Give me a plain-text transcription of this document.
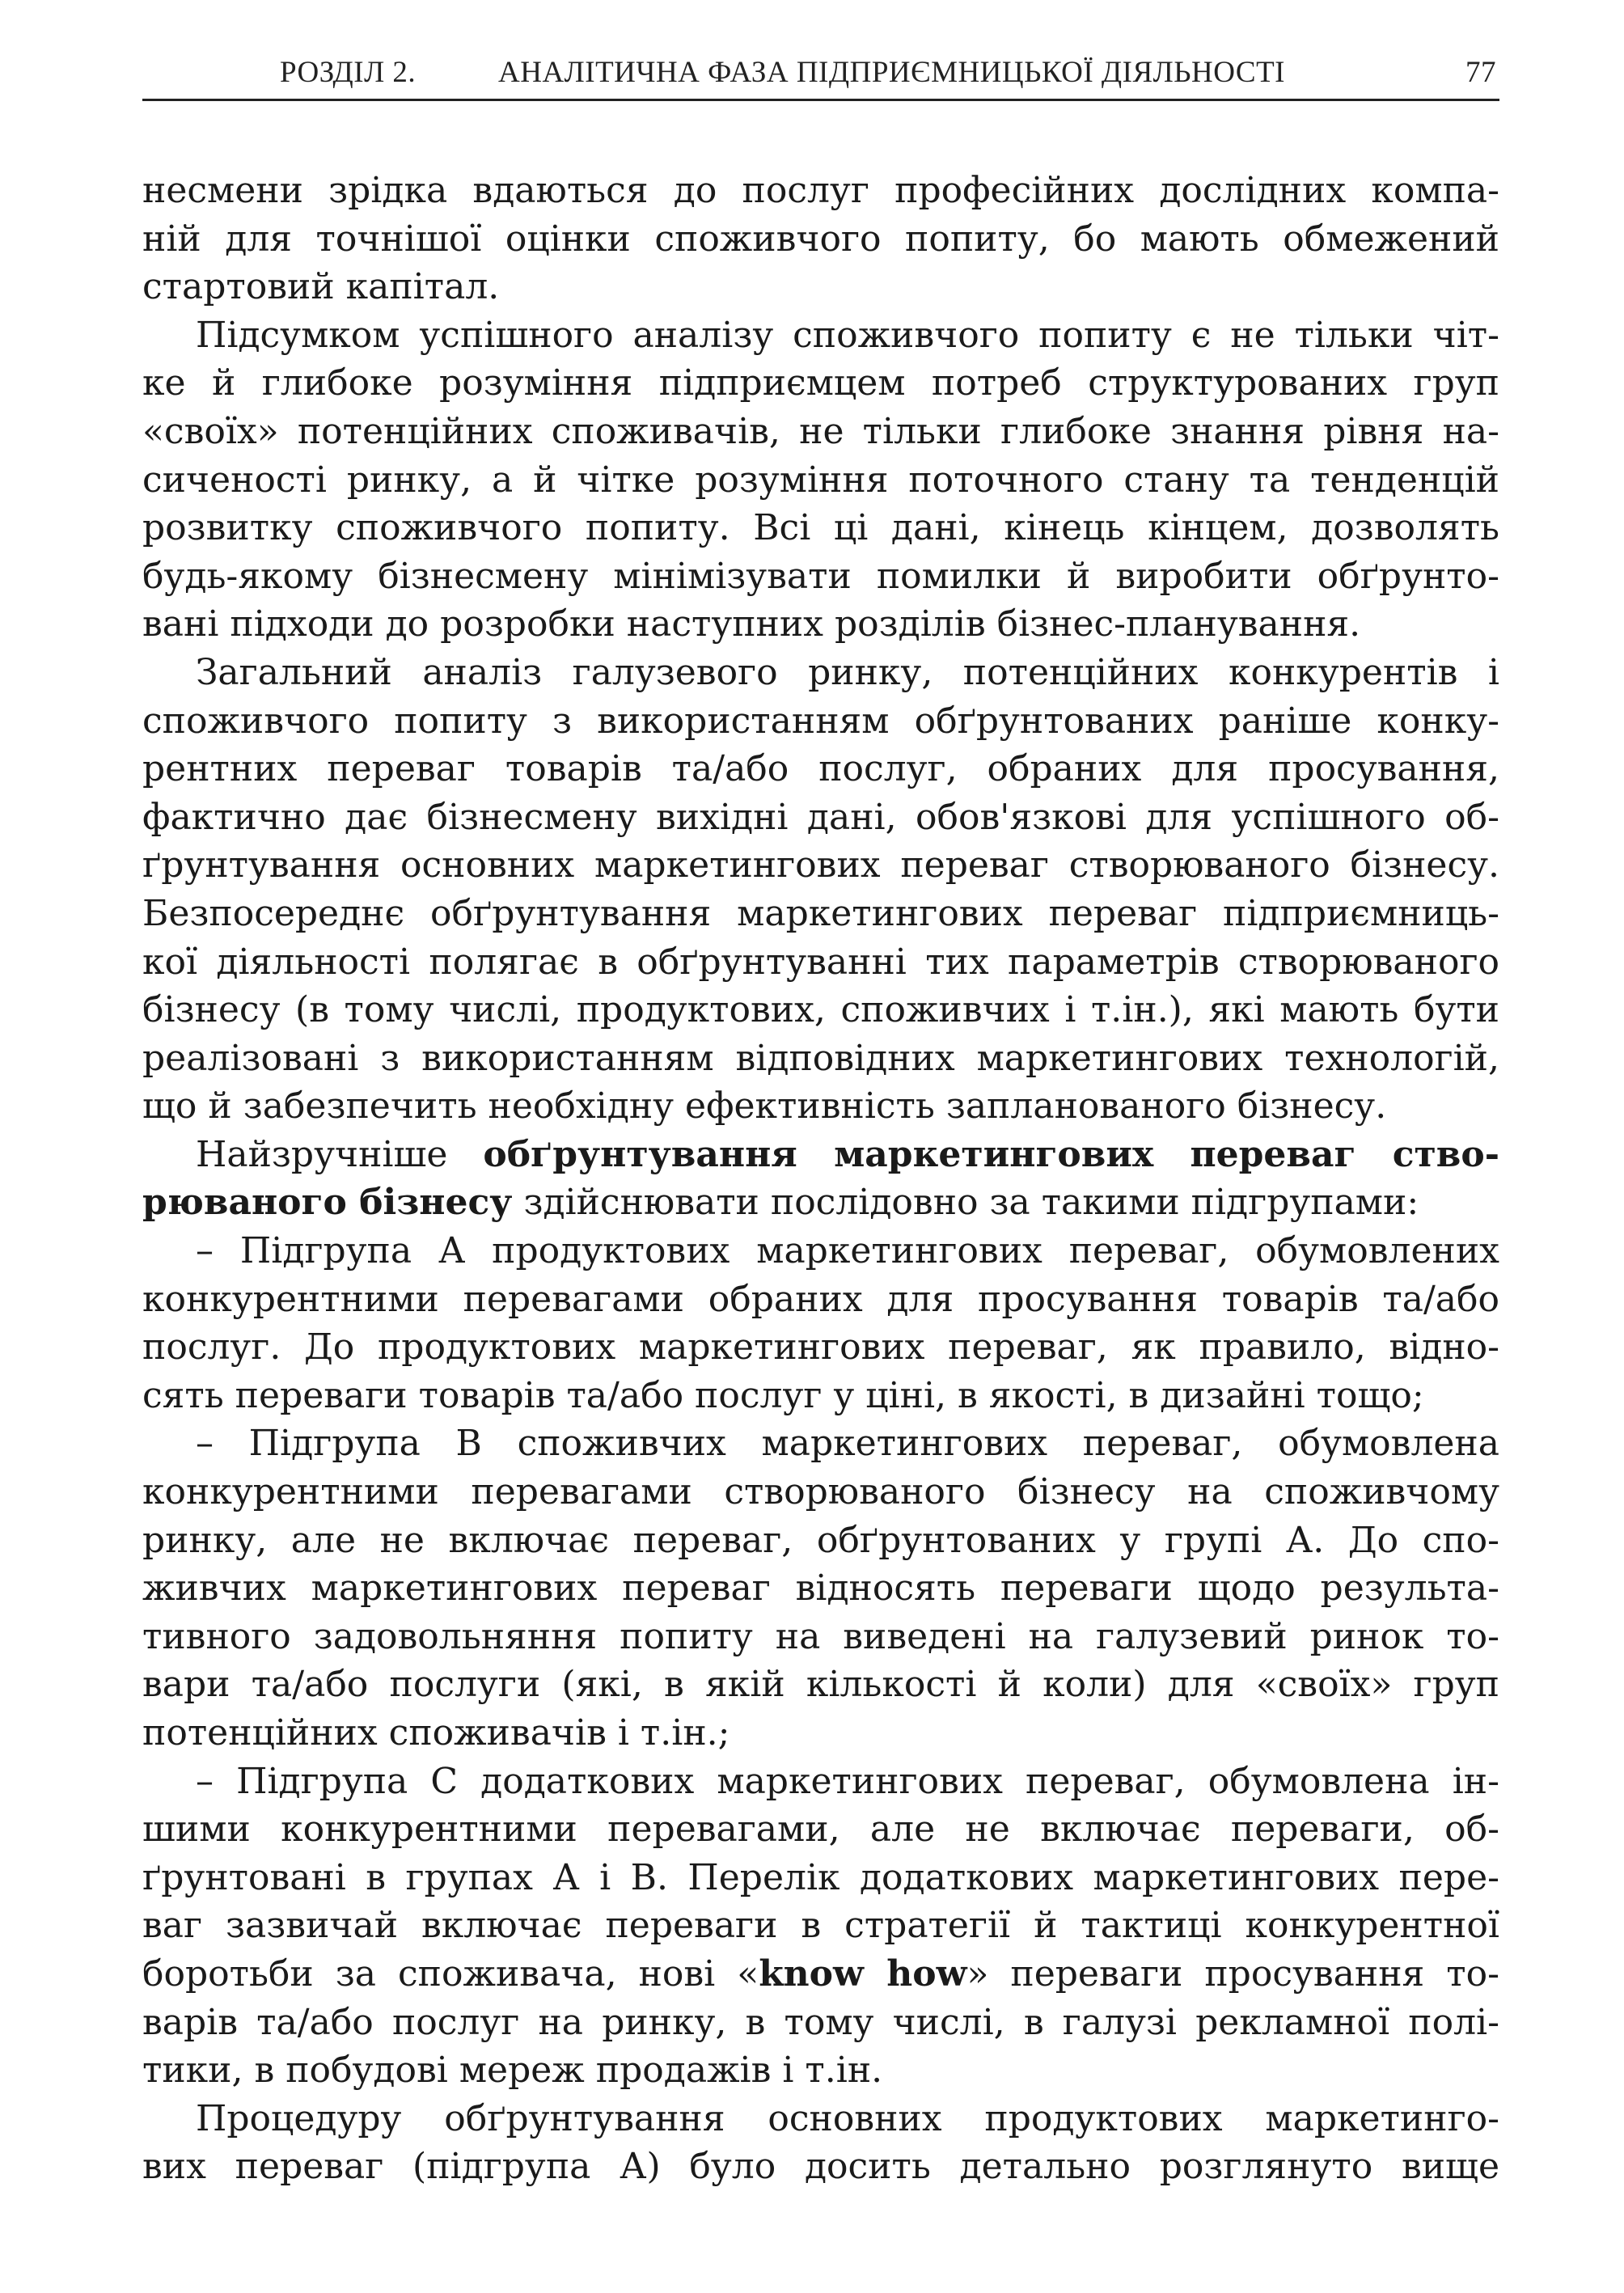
РОЗДІЛ 2.	АНАЛІТИЧНА ФАЗА ПІДПРИЄМНИЦЬКОЇ ДІЯЛЬНОСТІ	77

несмени зрідка вдаються до послуг професійних дослідних компа-

ній для точнішої оцінки споживчого попиту, бо мають обмежений

стартовий капітал.

Підсумком успішного аналізу споживчого попиту є не тільки чіт-

ке й глибоке розуміння підприємцем потреб структурованих груп

«своїх» потенційних споживачів, не тільки глибоке знання рівня на-

сиченості ринку, а й чітке розуміння поточного стану та тенденцій

розвитку споживчого попиту. Всі ці дані, кінець кінцем, дозволять

будь-якому бізнесмену мінімізувати помилки й виробити обґрунто-

вані підходи до розробки наступних розділів бізнес-планування.

Загальний аналіз галузевого ринку, потенційних конкурентів і

споживчого попиту з використанням обґрунтованих раніше конку-

рентних переваг товарів та/або послуг, обраних для просування,

фактично дає бізнесмену вихідні дані, обов'язкові для успішного об-

ґрунтування основних маркетингових переваг створюваного бізнесу.

Безпосереднє обґрунтування маркетингових переваг підприємниць-

кої діяльності полягає в обґрунтуванні тих параметрів створюваного

бізнесу (в тому числі, продуктових, споживчих і т.ін.), які мають бути

реалізовані з використанням відповідних маркетингових технологій,

що й забезпечить необхідну ефективність запланованого бізнесу.

Найзручніше обґрунтування маркетингових переваг ство-

рюваного бізнесу здійснювати послідовно за такими підгрупами:

– Підгрупа А продуктових маркетингових переваг, обумовлених

конкурентними перевагами обраних для просування товарів та/або

послуг. До продуктових маркетингових переваг, як правило, відно-

сять переваги товарів та/або послуг у ціні, в якості, в дизайні тощо;

– Підгрупа В споживчих маркетингових переваг, обумовлена

конкурентними перевагами створюваного бізнесу на споживчому

ринку, але не включає переваг, обґрунтованих у групі А. До спо-

живчих маркетингових переваг відносять переваги щодо результа-

тивного задовольняння попиту на виведені на галузевий ринок то-

вари та/або послуги (які, в якій кількості й коли) для «своїх» груп

потенційних споживачів і т.ін.;

– Підгрупа С додаткових маркетингових переваг, обумовлена ін-

шими конкурентними перевагами, але не включає переваги, об-

ґрунтовані в групах А і В. Перелік додаткових маркетингових пере-

ваг зазвичай включає переваги в стратегії й тактиці конкурентної

боротьби за споживача, нові «know how» переваги просування то-

варів та/або послуг на ринку, в тому числі, в галузі рекламної полі-

тики, в побудові мереж продажів і т.ін.

Процедуру обґрунтування основних продуктових маркетинго-

вих переваг (підгрупа А) було досить детально розглянуто вище
